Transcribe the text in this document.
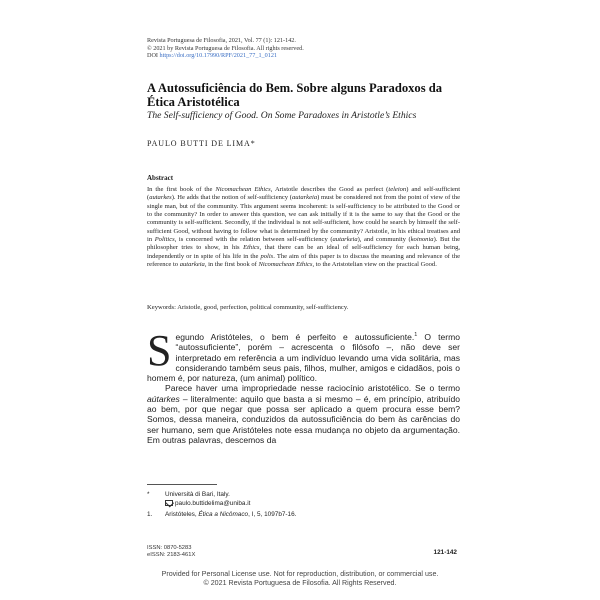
Revista Portuguesa de Filosofia, 2021, Vol. 77 (1): 121-142.
© 2021 by Revista Portuguesa de Filosofia. All rights reserved.
DOI https://doi.org/10.17990/RPF/2021_77_1_0121
A Autossuficiência do Bem. Sobre alguns Paradoxos da Ética Aristotélica
The Self-sufficiency of Good. On Some Paradoxes in Aristotle’s Ethics
PAULO BUTTI DE LIMA*
Abstract
In the first book of the Nicomachean Ethics, Aristotle describes the Good as perfect (teleion) and self-sufficient (autarkes). He adds that the notion of self-sufficiency (autarkeia) must be considered not from the point of view of the single man, but of the community. This argument seems incoherent: is self-sufficiency to be attributed to the Good or to the community? In order to answer this question, we can ask initially if it is the same to say that the Good or the community is self-sufficient. Secondly, if the individual is not self-sufficient, how could he search by himself the self-sufficient Good, without having to follow what is determined by the community? Aristotle, in his ethical treatises and in Politics, is concerned with the relation between self-sufficiency (autarkeia), and community (koinonia). But the philosopher tries to show, in his Ethics, that there can be an ideal of self-sufficiency for each human being, independently or in spite of his life in the polis. The aim of this paper is to discuss the meaning and relevance of the reference to autarkeia, in the first book of Nicomachean Ethics, to the Aristotelian view on the practical Good.
Keywords: Aristotle, good, perfection, political community, self-sufficiency.

Segundo Aristóteles, o bem é perfeito e autossuficiente.$^1$ O termo “autossuficiente”, porém – acrescenta o filósofo –, não deve ser interpretado em referência a um indivíduo levando uma vida solitária, mas considerando também seus pais, filhos, mulher, amigos e cidadãos, pois o homem é, por natureza, (um animal) político.

Parece haver uma impropriedade nesse raciocínio aristotélico. Se o termo aútarkes – literalmente: aquilo que basta a si mesmo – é, em princípio, atribuído ao bem, por que negar que possa ser aplicado a quem procura esse bem? Somos, dessa maneira, conduzidos da autossuficiência do bem às carências do ser humano, sem que Aristóteles note essa mudança no objeto da argumentação. Em outras palavras, descemos da

*	Università di Bari, Italy.
paulo.buttidelima@uniba.it
1.	Aristóteles, Ética a Nicômaco, I, 5, 1097b7-16.
ISSN: 0870-5283
eISSN: 2183-461X	121-142
Provided for Personal License use. Not for reproduction, distribution, or commercial use.
© 2021 Revista Portuguesa de Filosofia. All Rights Reserved.
